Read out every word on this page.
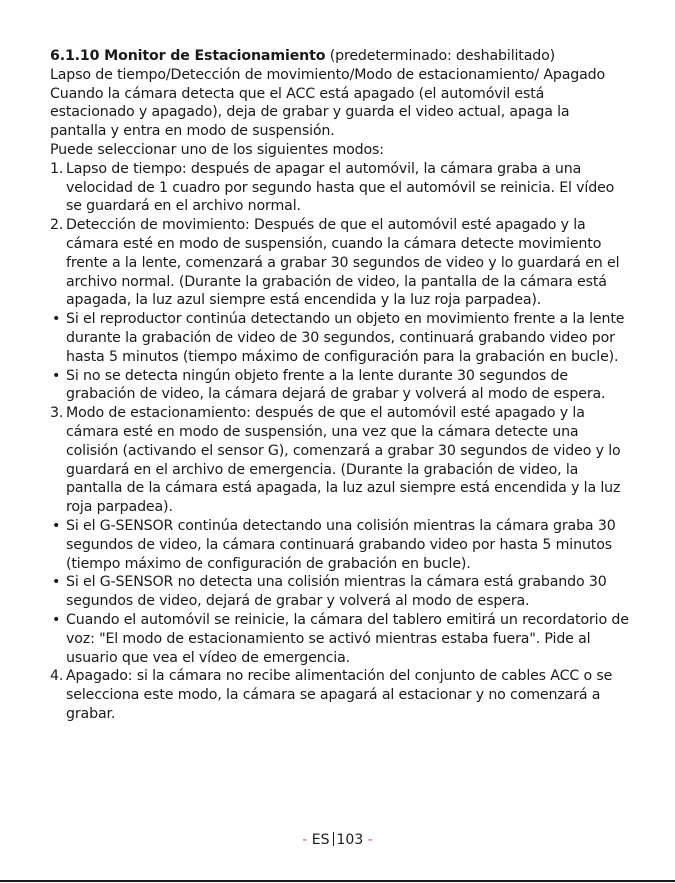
6.1.10 Monitor de Estacionamiento (predeterminado: deshabilitado)

Lapso de tiempo/Detección de movimiento/Modo de estacionamiento/ Apagado

Cuando la cámara detecta que el ACC está apagado (el automóvil está estacionado y apagado), deja de grabar y guarda el video actual, apaga la pantalla y entra en modo de suspensión.

Puede seleccionar uno de los siguientes modos:

1. Lapso de tiempo: después de apagar el automóvil, la cámara graba a una velocidad de 1 cuadro por segundo hasta que el automóvil se reinicia. El vídeo se guardará en el archivo normal.
2. Detección de movimiento: Después de que el automóvil esté apagado y la cámara esté en modo de suspensión, cuando la cámara detecte movimiento frente a la lente, comenzará a grabar 30 segundos de video y lo guardará en el archivo normal. (Durante la grabación de video, la pantalla de la cámara está apagada, la luz azul siempre está encendida y la luz roja parpadea).
• Si el reproductor continúa detectando un objeto en movimiento frente a la lente durante la grabación de video de 30 segundos, continuará grabando video por hasta 5 minutos (tiempo máximo de configuración para la grabación en bucle).
• Si no se detecta ningún objeto frente a la lente durante 30 segundos de grabación de video, la cámara dejará de grabar y volverá al modo de espera.
3. Modo de estacionamiento: después de que el automóvil esté apagado y la cámara esté en modo de suspensión, una vez que la cámara detecte una colisión (activando el sensor G), comenzará a grabar 30 segundos de video y lo guardará en el archivo de emergencia. (Durante la grabación de video, la pantalla de la cámara está apagada, la luz azul siempre está encendida y la luz roja parpadea).
• Si el G-SENSOR continúa detectando una colisión mientras la cámara graba 30 segundos de video, la cámara continuará grabando video por hasta 5 minutos (tiempo máximo de configuración de grabación en bucle).
• Si el G-SENSOR no detecta una colisión mientras la cámara está grabando 30 segundos de video, dejará de grabar y volverá al modo de espera.
• Cuando el automóvil se reinicie, la cámara del tablero emitirá un recordatorio de voz: "El modo de estacionamiento se activó mientras estaba fuera". Pide al usuario que vea el vídeo de emergencia.
4. Apagado: si la cámara no recibe alimentación del conjunto de cables ACC o se selecciona este modo, la cámara se apagará al estacionar y no comenzará a grabar.
- ES 103 -
